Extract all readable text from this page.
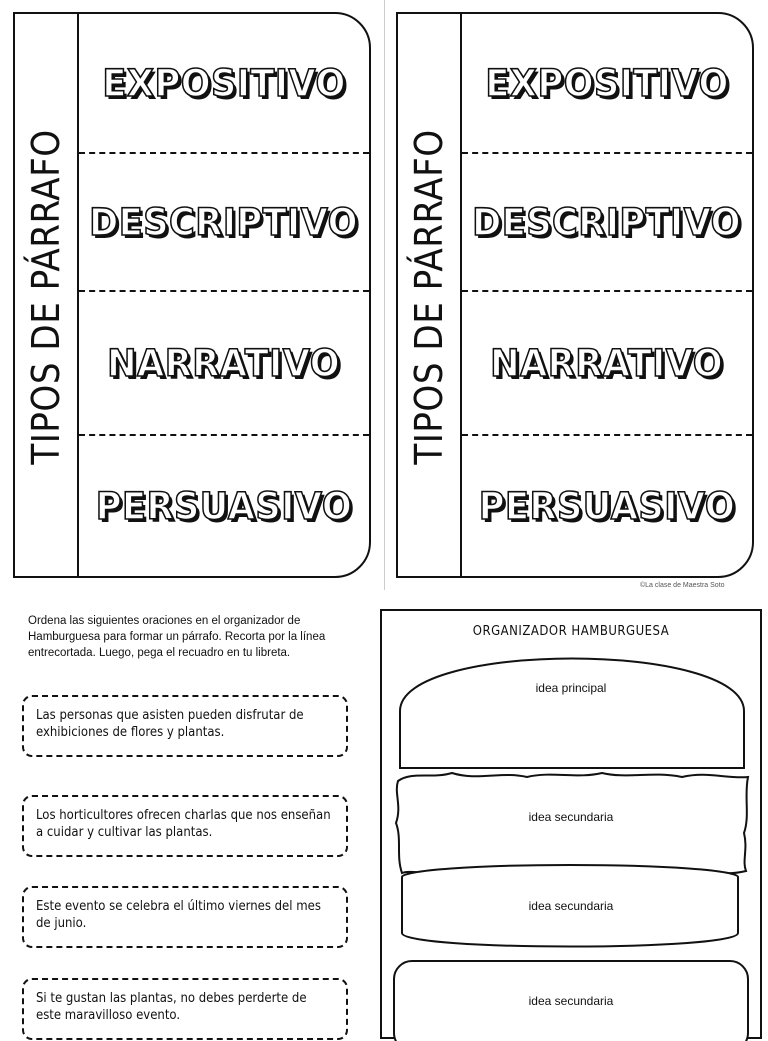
TIPOS DE PÁRRAFO
EXPOSITIVO
DESCRIPTIVO
NARRATIVO
PERSUASIVO
TIPOS DE PÁRRAFO
EXPOSITIVO
DESCRIPTIVO
NARRATIVO
PERSUASIVO
©La clase de Maestra Soto
Ordena las siguientes oraciones en el organizador de Hamburguesa para formar un párrafo. Recorta por la línea entrecortada. Luego, pega el recuadro en tu libreta.
Las personas que asisten pueden disfrutar de exhibiciones de flores y plantas.
Los horticultores ofrecen charlas que nos enseñan a cuidar y cultivar las plantas.
Este evento se celebra el último viernes del mes de junio.
Si te gustan las plantas, no debes perderte de este maravilloso evento.
ORGANIZADOR HAMBURGUESA
idea principal
idea secundaria
idea secundaria
idea secundaria
